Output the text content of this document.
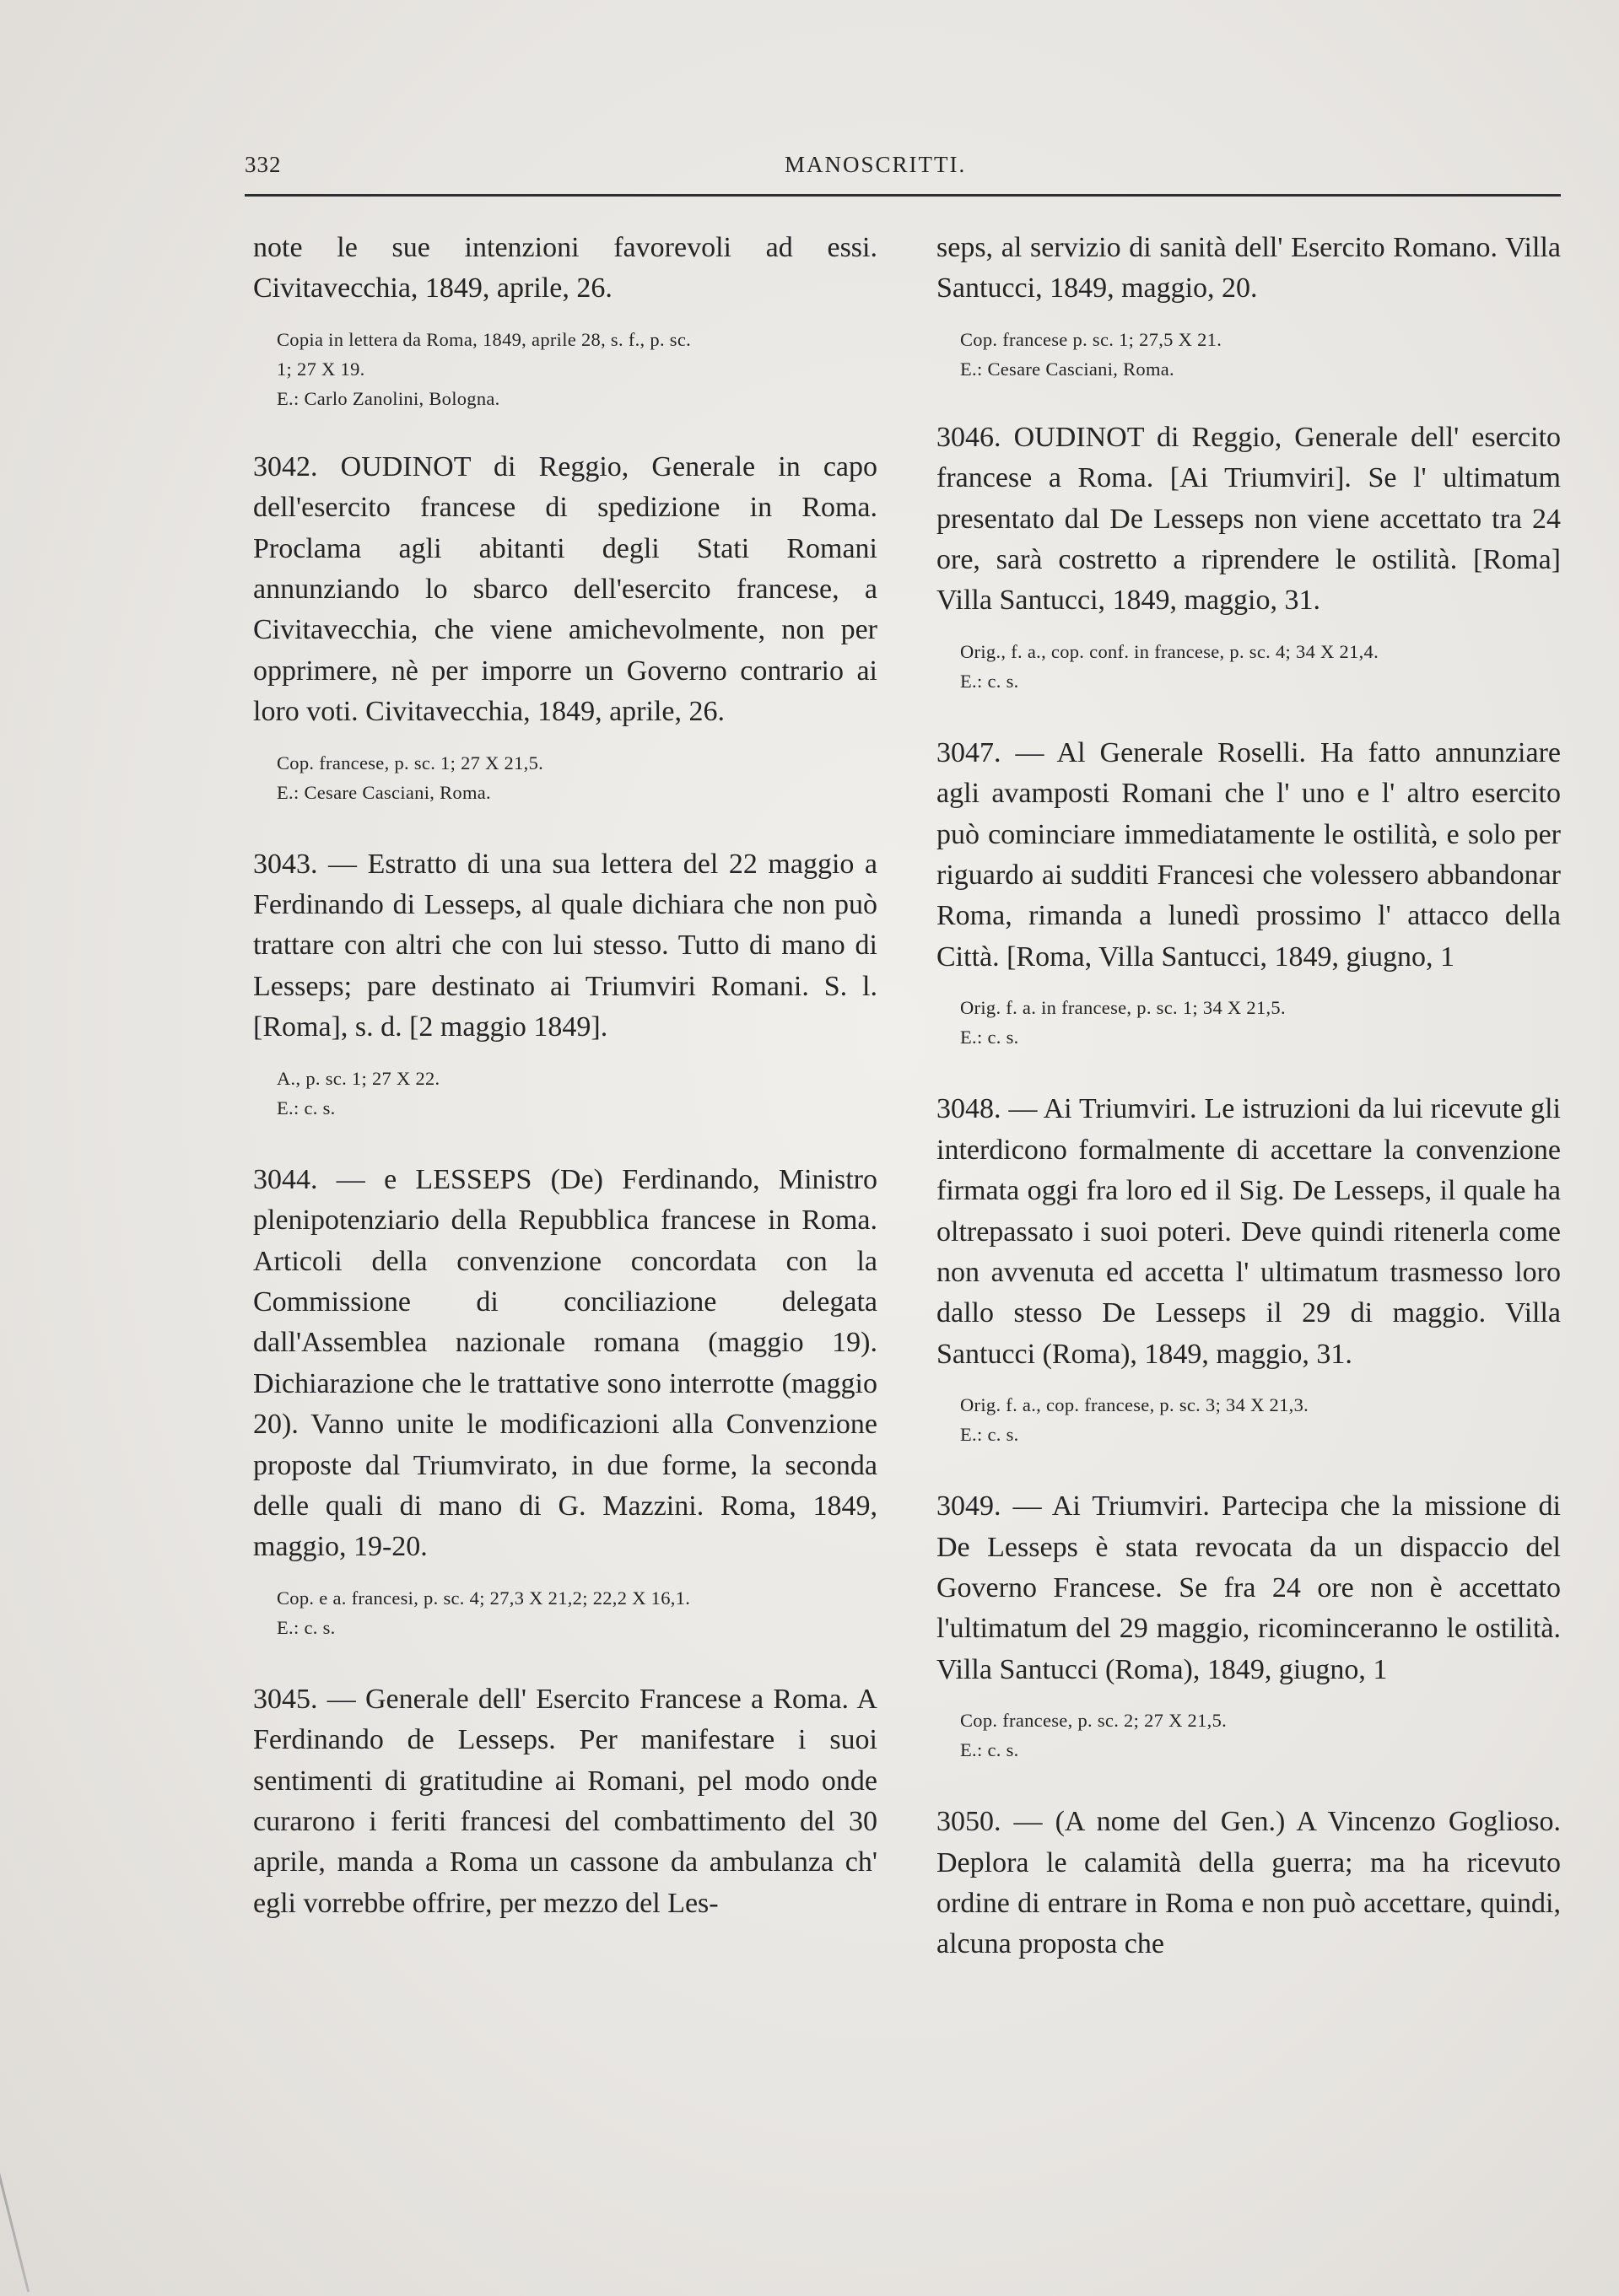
332	MANOSCRITTI.

note le sue intenzioni favorevoli ad essi. Civitavecchia, 1849, aprile, 26.

Copia in lettera da Roma, 1849, aprile 28, s. f., p. sc.
1; 27 X 19.
E.: Carlo Zanolini, Bologna.

3042. OUDINOT di Reggio, Generale in capo dell'esercito francese di spedizione in Roma. Proclama agli abitanti degli Stati Romani annunziando lo sbarco dell'esercito francese, a Civitavecchia, che viene amichevolmente, non per opprimere, nè per imporre un Governo contrario ai loro voti. Civitavecchia, 1849, aprile, 26.

Cop. francese, p. sc. 1; 27 X 21,5.
E.: Cesare Casciani, Roma.

3043. — Estratto di una sua lettera del 22 maggio a Ferdinando di Lesseps, al quale dichiara che non può trattare con altri che con lui stesso. Tutto di mano di Lesseps; pare destinato ai Triumviri Romani. S. l. [Roma], s. d. [2 maggio 1849].

A., p. sc. 1; 27 X 22.
E.: c. s.

3044. — e LESSEPS (De) Ferdinando, Ministro plenipotenziario della Repubblica francese in Roma. Articoli della convenzione concordata con la Commissione di conciliazione delegata dall'Assemblea nazionale romana (maggio 19). Dichiarazione che le trattative sono interrotte (maggio 20). Vanno unite le modificazioni alla Convenzione proposte dal Triumvirato, in due forme, la seconda delle quali di mano di G. Mazzini. Roma, 1849, maggio, 19-20.

Cop. e a. francesi, p. sc. 4; 27,3 X 21,2; 22,2 X 16,1.
E.: c. s.

3045. — Generale dell' Esercito Francese a Roma. A Ferdinando de Lesseps. Per manifestare i suoi sentimenti di gratitudine ai Romani, pel modo onde curarono i feriti francesi del combattimento del 30 aprile, manda a Roma un cassone da ambulanza ch' egli vorrebbe offrire, per mezzo del Les-

seps, al servizio di sanità dell' Esercito Romano. Villa Santucci, 1849, maggio, 20.

Cop. francese p. sc. 1; 27,5 X 21.
E.: Cesare Casciani, Roma.

3046. OUDINOT di Reggio, Generale dell' esercito francese a Roma. [Ai Triumviri]. Se l' ultimatum presentato dal De Lesseps non viene accettato tra 24 ore, sarà costretto a riprendere le ostilità. [Roma] Villa Santucci, 1849, maggio, 31.

Orig., f. a., cop. conf. in francese, p. sc. 4; 34 X 21,4.
E.: c. s.

3047. — Al Generale Roselli. Ha fatto annunziare agli avamposti Romani che l' uno e l' altro esercito può cominciare immediatamente le ostilità, e solo per riguardo ai sudditi Francesi che volessero abbandonar Roma, rimanda a lunedì prossimo l' attacco della Città. [Roma, Villa Santucci, 1849, giugno, 1

Orig. f. a. in francese, p. sc. 1; 34 X 21,5.
E.: c. s.

3048. — Ai Triumviri. Le istruzioni da lui ricevute gli interdicono formalmente di accettare la convenzione firmata oggi fra loro ed il Sig. De Lesseps, il quale ha oltrepassato i suoi poteri. Deve quindi ritenerla come non avvenuta ed accetta l' ultimatum trasmesso loro dallo stesso De Lesseps il 29 di maggio. Villa Santucci (Roma), 1849, maggio, 31.

Orig. f. a., cop. francese, p. sc. 3; 34 X 21,3.
E.: c. s.

3049. — Ai Triumviri. Partecipa che la missione di De Lesseps è stata revocata da un dispaccio del Governo Francese. Se fra 24 ore non è accettato l'ultimatum del 29 maggio, ricominceranno le ostilità. Villa Santucci (Roma), 1849, giugno, 1

Cop. francese, p. sc. 2; 27 X 21,5.
E.: c. s.

3050. — (A nome del Gen.) A Vincenzo Goglioso. Deplora le calamità della guerra; ma ha ricevuto ordine di entrare in Roma e non può accettare, quindi, alcuna proposta che
